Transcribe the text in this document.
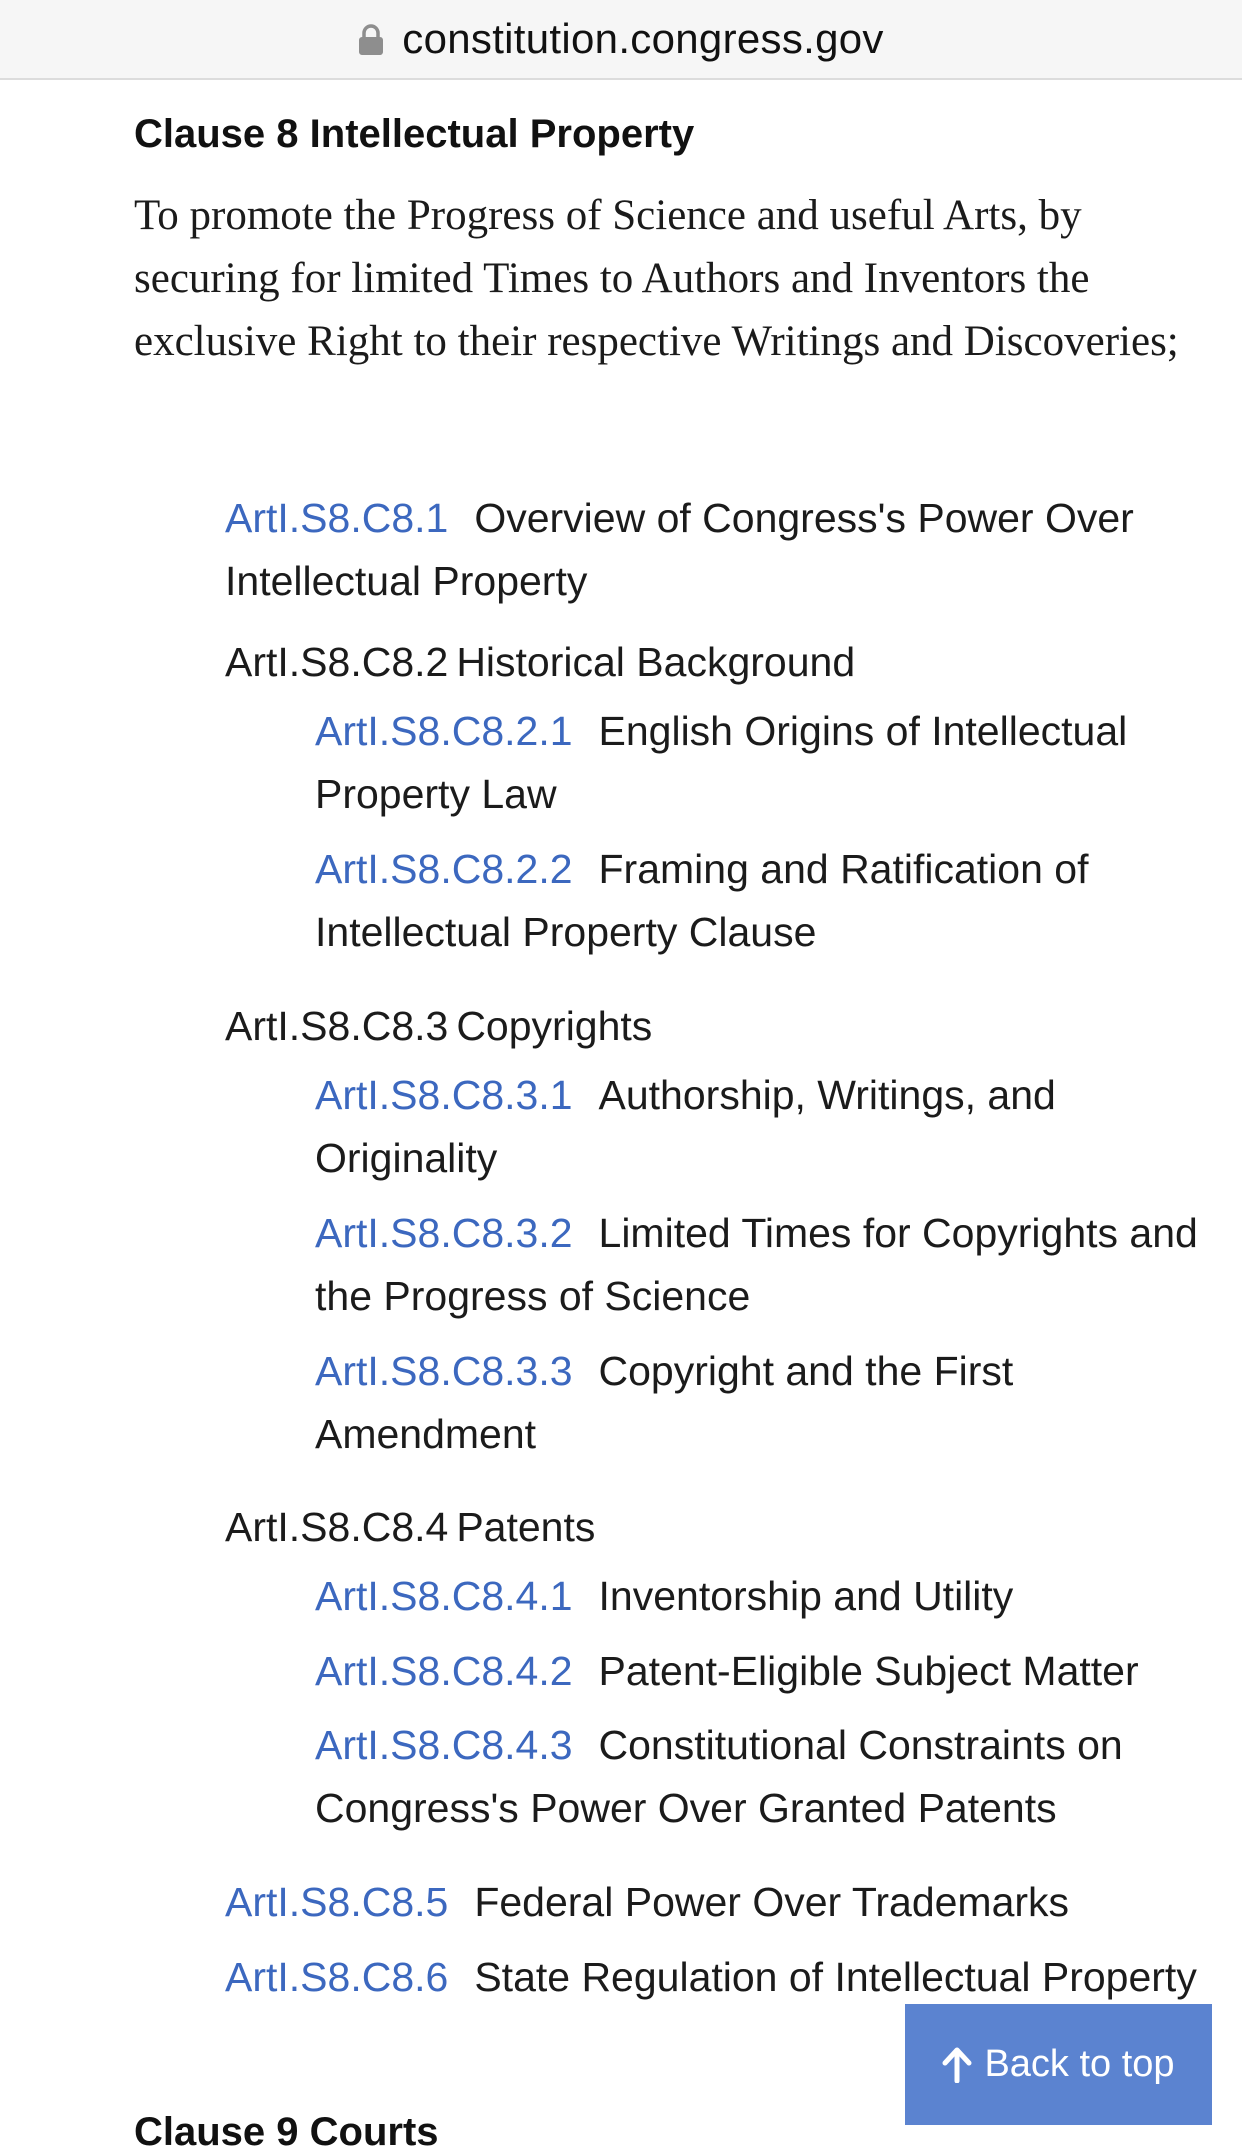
constitution.congress.gov
Clause 8 Intellectual Property
To promote the Progress of Science and useful Arts, by securing for limited Times to Authors and Inventors the exclusive Right to their respective Writings and Discoveries;
ArtI.S8.C8.1 Overview of Congress's Power Over Intellectual Property
ArtI.S8.C8.2 Historical Background
ArtI.S8.C8.2.1 English Origins of Intellectual Property Law
ArtI.S8.C8.2.2 Framing and Ratification of Intellectual Property Clause
ArtI.S8.C8.3 Copyrights
ArtI.S8.C8.3.1 Authorship, Writings, and Originality
ArtI.S8.C8.3.2 Limited Times for Copyrights and the Progress of Science
ArtI.S8.C8.3.3 Copyright and the First Amendment
ArtI.S8.C8.4 Patents
ArtI.S8.C8.4.1 Inventorship and Utility
ArtI.S8.C8.4.2 Patent-Eligible Subject Matter
ArtI.S8.C8.4.3 Constitutional Constraints on Congress's Power Over Granted Patents
ArtI.S8.C8.5 Federal Power Over Trademarks
ArtI.S8.C8.6 State Regulation of Intellectual Property
Clause 9 Courts
Back to top
